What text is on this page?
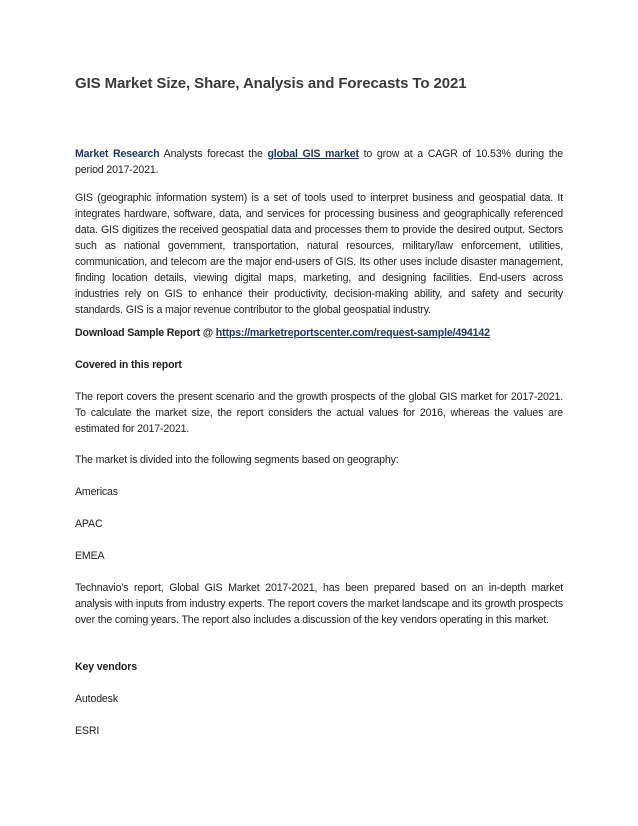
GIS Market Size, Share, Analysis and Forecasts To 2021

Market Research Analysts forecast the global GIS market to grow at a CAGR of 10.53% during the period 2017-2021.

GIS (geographic information system) is a set of tools used to interpret business and geospatial data. It integrates hardware, software, data, and services for processing business and geographically referenced data. GIS digitizes the received geospatial data and processes them to provide the desired output. Sectors such as national government, transportation, natural resources, military/law enforcement, utilities, communication, and telecom are the major end-users of GIS. Its other uses include disaster management, finding location details, viewing digital maps, marketing, and designing facilities. End-users across industries rely on GIS to enhance their productivity, decision-making ability, and safety and security standards. GIS is a major revenue contributor to the global geospatial industry.

Download Sample Report @ https://marketreportscenter.com/request-sample/494142

Covered in this report

The report covers the present scenario and the growth prospects of the global GIS market for 2017-2021. To calculate the market size, the report considers the actual values for 2016, whereas the values are estimated for 2017-2021.

The market is divided into the following segments based on geography:

Americas

APAC

EMEA

Technavio's report, Global GIS Market 2017-2021, has been prepared based on an in-depth market analysis with inputs from industry experts. The report covers the market landscape and its growth prospects over the coming years. The report also includes a discussion of the key vendors operating in this market.

Key vendors

Autodesk

ESRI
